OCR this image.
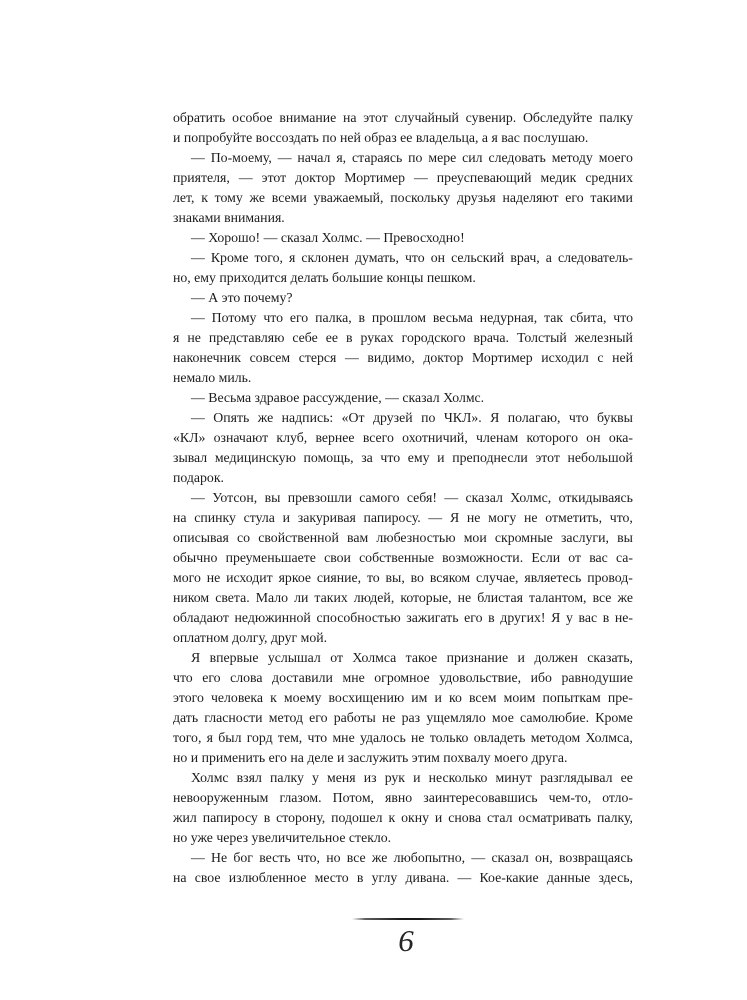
обратить особое внимание на этот случайный сувенир. Обследуйте палку
и попробуйте воссоздать по ней образ ее владельца, а я вас послушаю.
— По-моему, — начал я, стараясь по мере сил следовать методу моего
приятеля, — этот доктор Мортимер — преуспевающий медик средних
лет, к тому же всеми уважаемый, поскольку друзья наделяют его такими
знаками внимания.
— Хорошо! — сказал Холмс. — Превосходно!
— Кроме того, я склонен думать, что он сельский врач, а следователь-
но, ему приходится делать большие концы пешком.
— А это почему?
— Потому что его палка, в прошлом весьма недурная, так сбита, что
я не представляю себе ее в руках городского врача. Толстый железный
наконечник совсем стерся — видимо, доктор Мортимер исходил с ней
немало миль.
— Весьма здравое рассуждение, — сказал Холмс.
— Опять же надпись: «От друзей по ЧКЛ». Я полагаю, что буквы
«КЛ» означают клуб, вернее всего охотничий, членам которого он ока-
зывал медицинскую помощь, за что ему и преподнесли этот небольшой
подарок.
— Уотсон, вы превзошли самого себя! — сказал Холмс, откидываясь
на спинку стула и закуривая папиросу. — Я не могу не отметить, что,
описывая со свойственной вам любезностью мои скромные заслуги, вы
обычно преуменьшаете свои собственные возможности. Если от вас са-
мого не исходит яркое сияние, то вы, во всяком случае, являетесь провод-
ником света. Мало ли таких людей, которые, не блистая талантом, все же
обладают недюжинной способностью зажигать его в других! Я у вас в не-
оплатном долгу, друг мой.
Я впервые услышал от Холмса такое признание и должен сказать,
что его слова доставили мне огромное удовольствие, ибо равнодушие
этого человека к моему восхищению им и ко всем моим попыткам пре-
дать гласности метод его работы не раз ущемляло мое самолюбие. Кроме
того, я был горд тем, что мне удалось не только овладеть методом Холмса,
но и применить его на деле и заслужить этим похвалу моего друга.
Холмс взял палку у меня из рук и несколько минут разглядывал ее
невооруженным глазом. Потом, явно заинтересовавшись чем-то, отло-
жил папиросу в сторону, подошел к окну и снова стал осматривать палку,
но уже через увеличительное стекло.
— Не бог весть что, но все же любопытно, — сказал он, возвращаясь
на свое излюбленное место в углу дивана. — Кое-какие данные здесь,
6
